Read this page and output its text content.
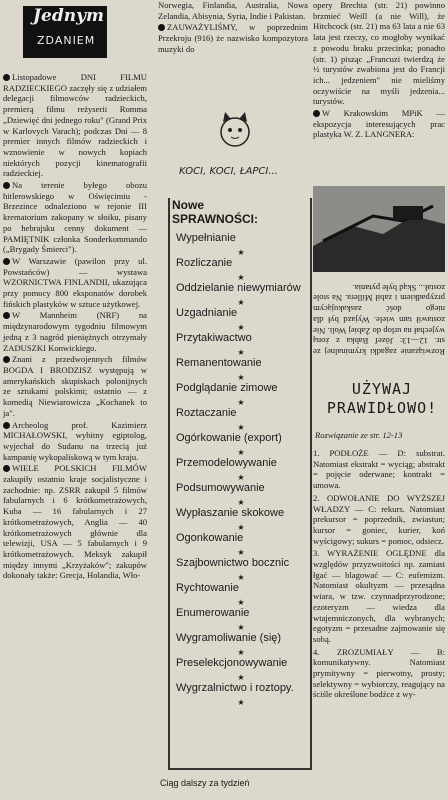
Jednym
ZDANIEM

Listopadowe DNI FILMU RADZIECKIEGO zaczęły się z udziałem delegacji filmowców radzieckich, premierą filmu reżyserii Romma „Dziewięć dni jednego roku" (Grand Prix w Karlovych Varach); podczas Dni — 8 premier innych filmów radzieckich i wznowienie w nowych kopiach niektórych pozycji kinematografii radzieckiej.

Na terenie byłego obozu hitlerowskiego w Oświęcimiu - Brzezince odnaleziono w rejonie III krematorium zakopany w słoiku, pisany po hebrajsku cenny dokument — PAMIĘTNIK członka Sonderkommando („Brygady Śmierci").

W Warszawie (pawilon przy ul. Powstańców) — wystawa WZORNICTWA FINLANDII, ukazująca przy pomocy 800 eksponatów dorobek fińskich plastyków w sztuce użytkowej.

W Mannheim (NRF) na międzynarodowym tygodniu filmowym jedną z 3 nagród pieniężnych otrzymały ZADUSZKI Konwickiego.

Znani z przedwojennych filmów BOGDA I BRODZISZ występują w amerykańskich skupiskach polonijnych ze sztukami polskimi; ostatnio — z komedią Niewiarowicza „Kochanek to ja".

Archeolog prof. Kazimierz MICHAŁOWSKI, wybitny egiptolog, wyjechał do Sudanu na trzecią już kampanię wykopaliskową w tym kraju.

WIELE POLSKICH FILMÓW zakupiły ostatnio kraje socjalistyczne i zachodnie: np. ZSRR zakupił 5 filmów fabularnych i 6 krótkometrażowych, Kuba — 16 fabularnych i 27 krótkometrażowych, Anglia — 40 krótkometrażowych głównie dla telewizji, USA — 5 fabularnych i 9 krótkometrażowych. Meksyk zakupił między innymi „Krzyżaków"; zakupów dokonały także: Grecja, Holandia, Wło-

Norwegia, Finlandia, Australia, Nowa Zelandia, Abisynia, Syria, Indie i Pakistan.

ZAUWAŻYLIŚMY, w poprzednim Przekroju (916) że nazwisko kompozytora muzyki do

KOCI, KOCI, ŁAPCI...
Nowe
SPRAWNOŚCI:
Wypełnianie
★
Rozliczanie
★
Oddzielanie niewymiarów
★
Uzgadnianie
★
Przytakiwactwo
★
Remanentowanie
★
Podglądanie zimowe
★
Roztaczanie
★
Ogórkowanie (export)
★
Przemodelowywanie
★
Podsumowywanie
★
Wypłaszanie skokowe
★
Ogonkowanie
★
Szajbownictwo bocznic
★
Rychtowanie
★
Enumerowanie
★
Wygramoliwanie (się)
★
Preselekcjonowywanie
★
Wygrzalnictwo i roztopy.
★
Ciąg dalszy za tydzień

opery Brechta (str. 21) powinno brzmieć Weill (a nie Will), że Hitchcock (str. 21) ma 63 lata a nie 63 lata jest rzeczy, co mogłoby wynikać z powodu braku przecinka; ponadto (str. 1) pisząc „Francuzi twierdzą że ½ turystów zwabiona jest do Francji ich... jedzeniem" nie mieliśmy oczywiście na myśli jedzenia... turystów.

W Krakowskim MPiK — ekspozycja interesujących prac plastyka W. Z. LANGNERA:

Rozwiązanie zagadki kryminalnej ze str. 12—13: Józef Babka z żoną wyjechał na urlop do Żabiej Woli. Nie zostawił tam wiele. Wyjazd był dla niego dość zaskakującym przypadkiem i zabił Millera. Na stole został... Skąd byłe pytania.

UŻYWAJ
PRAWIDŁOWO!
Rozwiązanie ze str. 12-13

1. PODŁOŻE — D: substrat. Natomiast ekstrakt = wyciąg; abstrakt = pojęcie oderwane; kontrakt = umowa.

2. ODWOŁANIE DO WYŻSZEJ WŁADZY — C: rekurs. Natomiast prekursor = poprzednik, zwiastun; kursor = goniec, kurier, koń wyścigowy; sukurs = pomoc, odsiecz.

3. WYRAŻENIE OGLĘDNE dla względów przyzwoitości np. zamiast łgać — blagować — C: eufemizm. Natomiast okultyzm — przesądna wiara, w tzw. czynnadprzyrodzone; ezoteryzm — wiedza dla wtajemniczonych, dla wybranych; egotyzm = przesadne zajmowanie się sobą.

4. ZROZUMIAŁY — B: komunikatywny. Natomiast prymitywny = pierwotny, prosty; selektywny = wybiorczy, reagujący na ściśle określone bodźce z wy-
